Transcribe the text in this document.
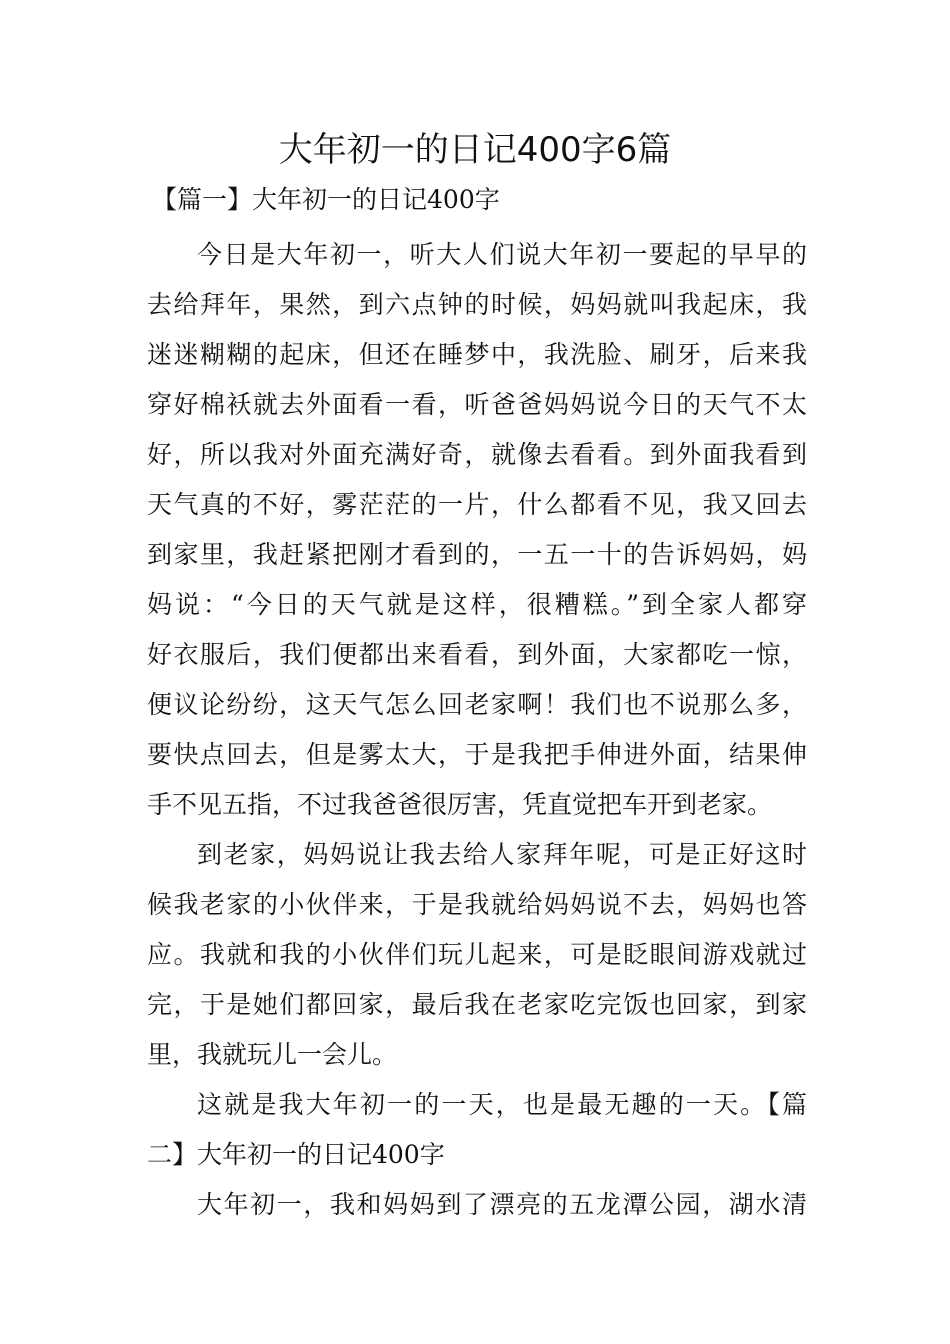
大年初一的日记400字6篇
【篇一】大年初一的日记400字
今日是大年初一，听大人们说大年初一要起的早早的
去给拜年，果然，到六点钟的时候，妈妈就叫我起床，我
迷迷糊糊的起床，但还在睡梦中，我洗脸、刷牙，后来我
穿好棉袄就去外面看一看，听爸爸妈妈说今日的天气不太
好，所以我对外面充满好奇，就像去看看。到外面我看到
天气真的不好，雾茫茫的一片，什么都看不见，我又回去
到家里，我赶紧把刚才看到的，一五一十的告诉妈妈，妈
妈说：“今日的天气就是这样，很糟糕。”到全家人都穿
好衣服后，我们便都出来看看，到外面，大家都吃一惊，
便议论纷纷，这天气怎么回老家啊！我们也不说那么多，
要快点回去，但是雾太大，于是我把手伸进外面，结果伸
手不见五指，不过我爸爸很厉害，凭直觉把车开到老家。
到老家，妈妈说让我去给人家拜年呢，可是正好这时
候我老家的小伙伴来，于是我就给妈妈说不去，妈妈也答
应。我就和我的小伙伴们玩儿起来，可是眨眼间游戏就过
完，于是她们都回家，最后我在老家吃完饭也回家，到家
里，我就玩儿一会儿。
这就是我大年初一的一天，也是最无趣的一天。【篇
二】大年初一的日记400字
大年初一，我和妈妈到了漂亮的五龙潭公园，湖水清
